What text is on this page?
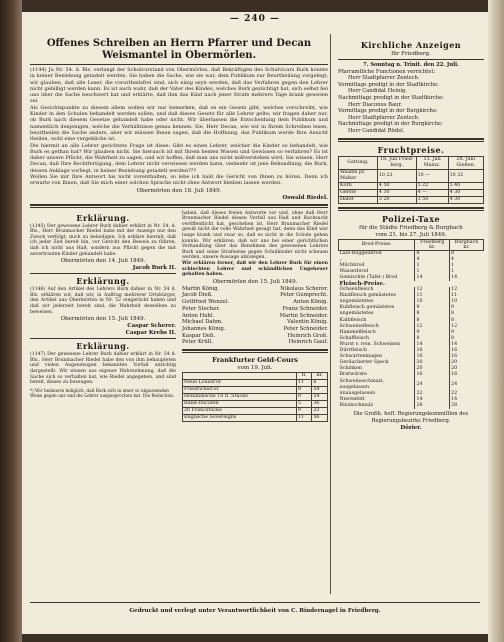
— 240 —
Offenes Schreiben an Herrn Pfarrer und Decan Weismantel in Obermörlen.

(1144) Ju Nr. 54. d. Bls. verlangt der Schulvorstand von Obermörlen, daß Bekräftigen des Schulvicars Burk konnte in keiner Beziehung getadelt werden. Sie haben die Sache, wie sie war, dem Publikum zur Beurtheilung vorgelegt; wir glauben, daß alle Leser, die vorurtheilsfrei sind, sich einig seyn werden, daß das Verfahren gegen den Lehrer nicht gebilligt werden kann. Es ist auch wahr, daß der Vater des Kindes, welches Burk gezüchtigt hat, sich selbst bei uns über die Sache beschwert hat und erklärte, daß ihm das Kind nach jener Strafe mehrere Tage krank gewesen sei.

Als Gesichtspunkte zu diesem allem wollen wir nur bemerken, daß es ein Gesetz gibt, welches vorschreibt, wie Kinder in den Schulen behandelt werden sollen, und daß dieses Gesetz für alle Lehrer gelte; wir fragen daher nur, ob Burk nach diesem Gesetze gehandelt habe oder nicht. Wir überlassen die Entscheidung dem Publikum und namentlich denjenigen, welche die Verhältnisse genau kennen. Sie, Herr Decan, wie wir in Ihrem Schreiben lesen, beurtheilen die Sache anders, aber wir müssen Ihnen sagen, daß die Hoffnung, das Publikum werde Ihre Ansicht theilen, wohl eine vergebliche ist.

Die hiermit an alle Lehrer gerichtete Frage ist diese: Gibt es einen Lehrer, welcher die Kinder so behandelt, wie Burk es gethan hat? Wir glauben nicht. Sie hierauch ist mit Ihrem besten Wissen und Gewissen so verfahren? Es ist daher unsere Pflicht, die Wahrheit zu sagen, und wir hoffen, daß man uns nicht mißverstehen wird. Sie wissen, Herr Decan, daß Ihre Rechtfertigung, dem Lehrer nicht verwiesen werden kann, vielmehr ist jene Behandlung, die Burk, dessen Anklage vorliegt, in keiner Beziehung getadelt werden???

Wollen Sie mir Ihre Antwort bis nicht vorenthalten, so lebe ich bald die Gericht von Ihnen zu hören. Denn ich erwarte von Ihnen, daß Sie mich einer solchen Sprache nicht ohne Antwort bleiben lassen werden.

Obermörlen den 18. Juli 1849.
Oswald Riedel.
Erklärung.

(1145) Der gewesene Lehrer Burk dahier erklärt in Nr. 54. d. Bls., Herr Brunmacher Riedel habe mit der Anzeige nur den Zweck verfolgt, mich zu beleidigen. Ich erkläre hiermit, daß ich jeder Zeit bereit bin, vor Gericht den Beweis zu führen, daß ich nicht aus Haß, sondern aus Pflicht gegen die mir anvertrauten Kinder gehandelt habe.

Obermörlen den 14. Juli 1849.
Jacob Burk II.
Erklärung.

(1146) Auf den Artikel des Lehrers Burk dahier in Nr. 54 d. Bls. erklären wir, daß wir, in Auftrag mehrerer Ortsbürger, den Artikel aus Obermörlen in Nr. 52 eingerückt haben und daß wir jederzeit bereit sind, die Wahrheit desselben zu beweisen.

Obermörlen den 15. Juli 1849.
Caspar Scherer.
Caspar Krebs II.
Erklärung.

(1147) Der gewesene Lehrer Burk dahier erklärt in Nr. 54 d. Bls., Herr Brunmacher Riedel habe den von ihm behaupteten und vielen Augenzeugen bekannten Vorfall unrichtig dargestellt. Wir wissen aus eigener Wahrnehmung, daß die Sache sich so verhalten hat, wie Riedel angegeben, und sind bereit, dieses zu bezeugen.

*) Wir bedauern lediglich, daß Burk sich in einer so unpassenden Weise gegen uns und die Lehrer ausgesprochen hat. Die Redaction.

haben, daß dieses freien Antworte vor und, ohne daß Herr Brunmacher Riedel diesen Vorfall aus Haß und Rachsucht veröffentlicht hat, geschehen ist. Herr Brunmacher Riedel gewiß nicht die volle Wahrheit gesagt hat, denn das Kind war lange krank und zwar so, daß es nicht in die Schule gehen konnte. Wir erklären, daß wir uns bei einer gerichtlichen Verhandlung über das Benehmen des gewesenen Lehrers Burk und seine Strafweise gegen Schulkinder nicht scheuen werden, unsere Aussage abzulegen.

Wir erklären ferner, daß wir den Lehrer Burk für einen schlechten Lehrer und schändlichen Ungeheuer gehalten haben.

Obermörlen den 15. Juli 1849.
Martin König.	Nikolaus Scherer.
Jacob Dieß.	Peter Gumprecht.
Gottfried Wenzel.	Anton König.
Peter Stecher.	Franz Schneider.
Anton Hahl.	Martin Schneider.
Michael Dahm.	Valentin König.
Johannes König.	Peter Schneider.
Kaspar Deß.	Heinrich Groß.
Peter Krüll.	Heinrich Gauf.
Frankfurter Geld-Cours
vom 19. Juli.
	fl.	kr.
Neue Louisd'or	11	6
Friedrichsd'or	9	54
Holländische 10 fl. Stücke	9	54
Rand-Ducaten	5	36
20 Francstücke	9	33
Englische Sovereigns	11	56
Kirchliche Anzeigen
für Friedberg.
7. Sonntag n. Trinit. den 22. Juli.

Pfarramtliche Functionen verrichtet:
Herr Stadtpfarrer Zentsch.

Vormittags predigt in der Stadtkirche:
Herr Candidat Heinig.

Nachmittags predigt in der Stadtkirche:
Herr Diaconus Baur.

Vormittags predigt in der Burgkirche:
Herr Stadtpfarrer Zentsch.

Nachmittags predigt in der Burgkirche:
Herr Candidat Rödel.

Fruchtpreise.
Gattung.	18. Juli Fried-berg.	13. Juli Mainz.	28. Juni Gießen.
Waizen pr. Malter	10 22	10 —	10 32
Korn	4 50	5 22	5 40
Gerste	4 30	4 —	4 30
Hafer	3 20	3 50	4 30
Polizei-Taxe
für die Städte Friedberg & Burgbach
vom 21. bis 27. Juli 1849.
Brod-Preise.	Friedberg kr.	Burgbach kr.
Laib-Roggenbrod	8	8
„	4	4
Milchbrod	1	1
Wasserbrod	1	1
Gemischte (Tafel-) Brod	14	14
Fleisch-Preise.		
Ochsenfleisch	12	12
Rindfleisch gemästetes	11	11
ungemästetes	10	10
Kuhfleisch gemästetes	9	9
ungemästetes	8	8
Kalbfleisch	8	8
Schweinefleisch	12	12
Hammelfleisch	9	9
Schaffleisch	8	8
Wurst v. rein. Schweinen	14	14
Dürrfleisch	16	16
Schwartenmagen	16	16
Geräucherter Speck	20	20
Schinken	20	20
Bratwürste	16	16
Schweineschmalz, ausgelassen	24	24
unausgelassen	22	22
Nierenfett	14	14
Rindsschmalz	28	28

Die Großh. heſſ. Regierungskommiſſion des Regierungsbezirks Friedberg.

Dörier.
Gedruckt und verlegt unter Verantwortlichkeit von C. Bindernagel in Friedberg.
